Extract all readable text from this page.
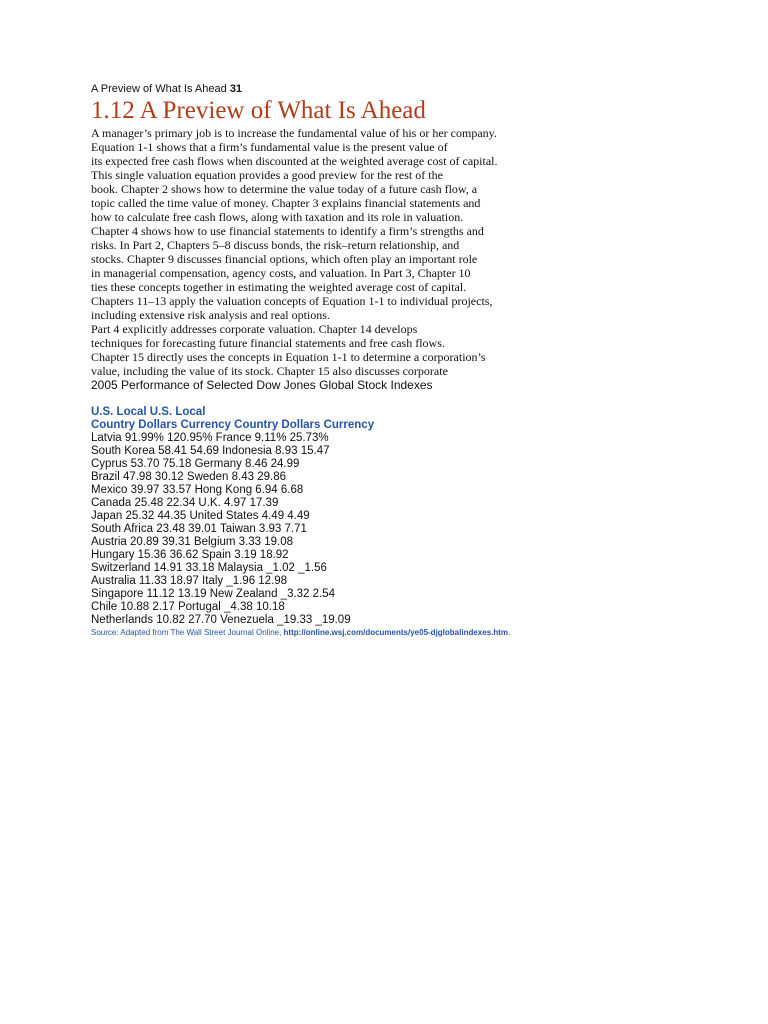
A Preview of What Is Ahead 31

1.12 A Preview of What Is Ahead
A manager’s primary job is to increase the fundamental value of his or her company.
Equation 1-1 shows that a firm’s fundamental value is the present value of
its expected free cash flows when discounted at the weighted average cost of capital.
This single valuation equation provides a good preview for the rest of the
book. Chapter 2 shows how to determine the value today of a future cash flow, a
topic called the time value of money. Chapter 3 explains financial statements and
how to calculate free cash flows, along with taxation and its role in valuation.
Chapter 4 shows how to use financial statements to identify a firm’s strengths and
risks. In Part 2, Chapters 5–8 discuss bonds, the risk–return relationship, and
stocks. Chapter 9 discusses financial options, which often play an important role
in managerial compensation, agency costs, and valuation. In Part 3, Chapter 10
ties these concepts together in estimating the weighted average cost of capital.
Chapters 11–13 apply the valuation concepts of Equation 1-1 to individual projects,
including extensive risk analysis and real options.
Part 4 explicitly addresses corporate valuation. Chapter 14 develops
techniques for forecasting future financial statements and free cash flows.
Chapter 15 directly uses the concepts in Equation 1-1 to determine a corporation’s
value, including the value of its stock. Chapter 15 also discusses corporate

2005 Performance of Selected Dow Jones Global Stock Indexes

U.S. Local U.S. Local

Country Dollars Currency Country Dollars Currency

Latvia 91.99% 120.95% France 9.11% 25.73%

South Korea 58.41 54.69 Indonesia 8.93 15.47

Cyprus 53.70 75.18 Germany 8.46 24.99

Brazil 47.98 30.12 Sweden 8.43 29.86

Mexico 39.97 33.57 Hong Kong 6.94 6.68

Canada 25.48 22.34 U.K. 4.97 17.39

Japan 25.32 44.35 United States 4.49 4.49

South Africa 23.48 39.01 Taiwan 3.93 7.71

Austria 20.89 39.31 Belgium 3.33 19.08

Hungary 15.36 36.62 Spain 3.19 18.92

Switzerland 14.91 33.18 Malaysia _1.02 _1.56

Australia 11.33 18.97 Italy _1.96 12.98

Singapore 11.12 13.19 New Zealand _3.32 2.54

Chile 10.88 2.17 Portugal _4.38 10.18

Netherlands 10.82 27.70 Venezuela _19.33 _19.09

Source: Adapted from The Wall Street Journal Online, http://online.wsj.com/documents/ye05-djglobalindexes.htm.
